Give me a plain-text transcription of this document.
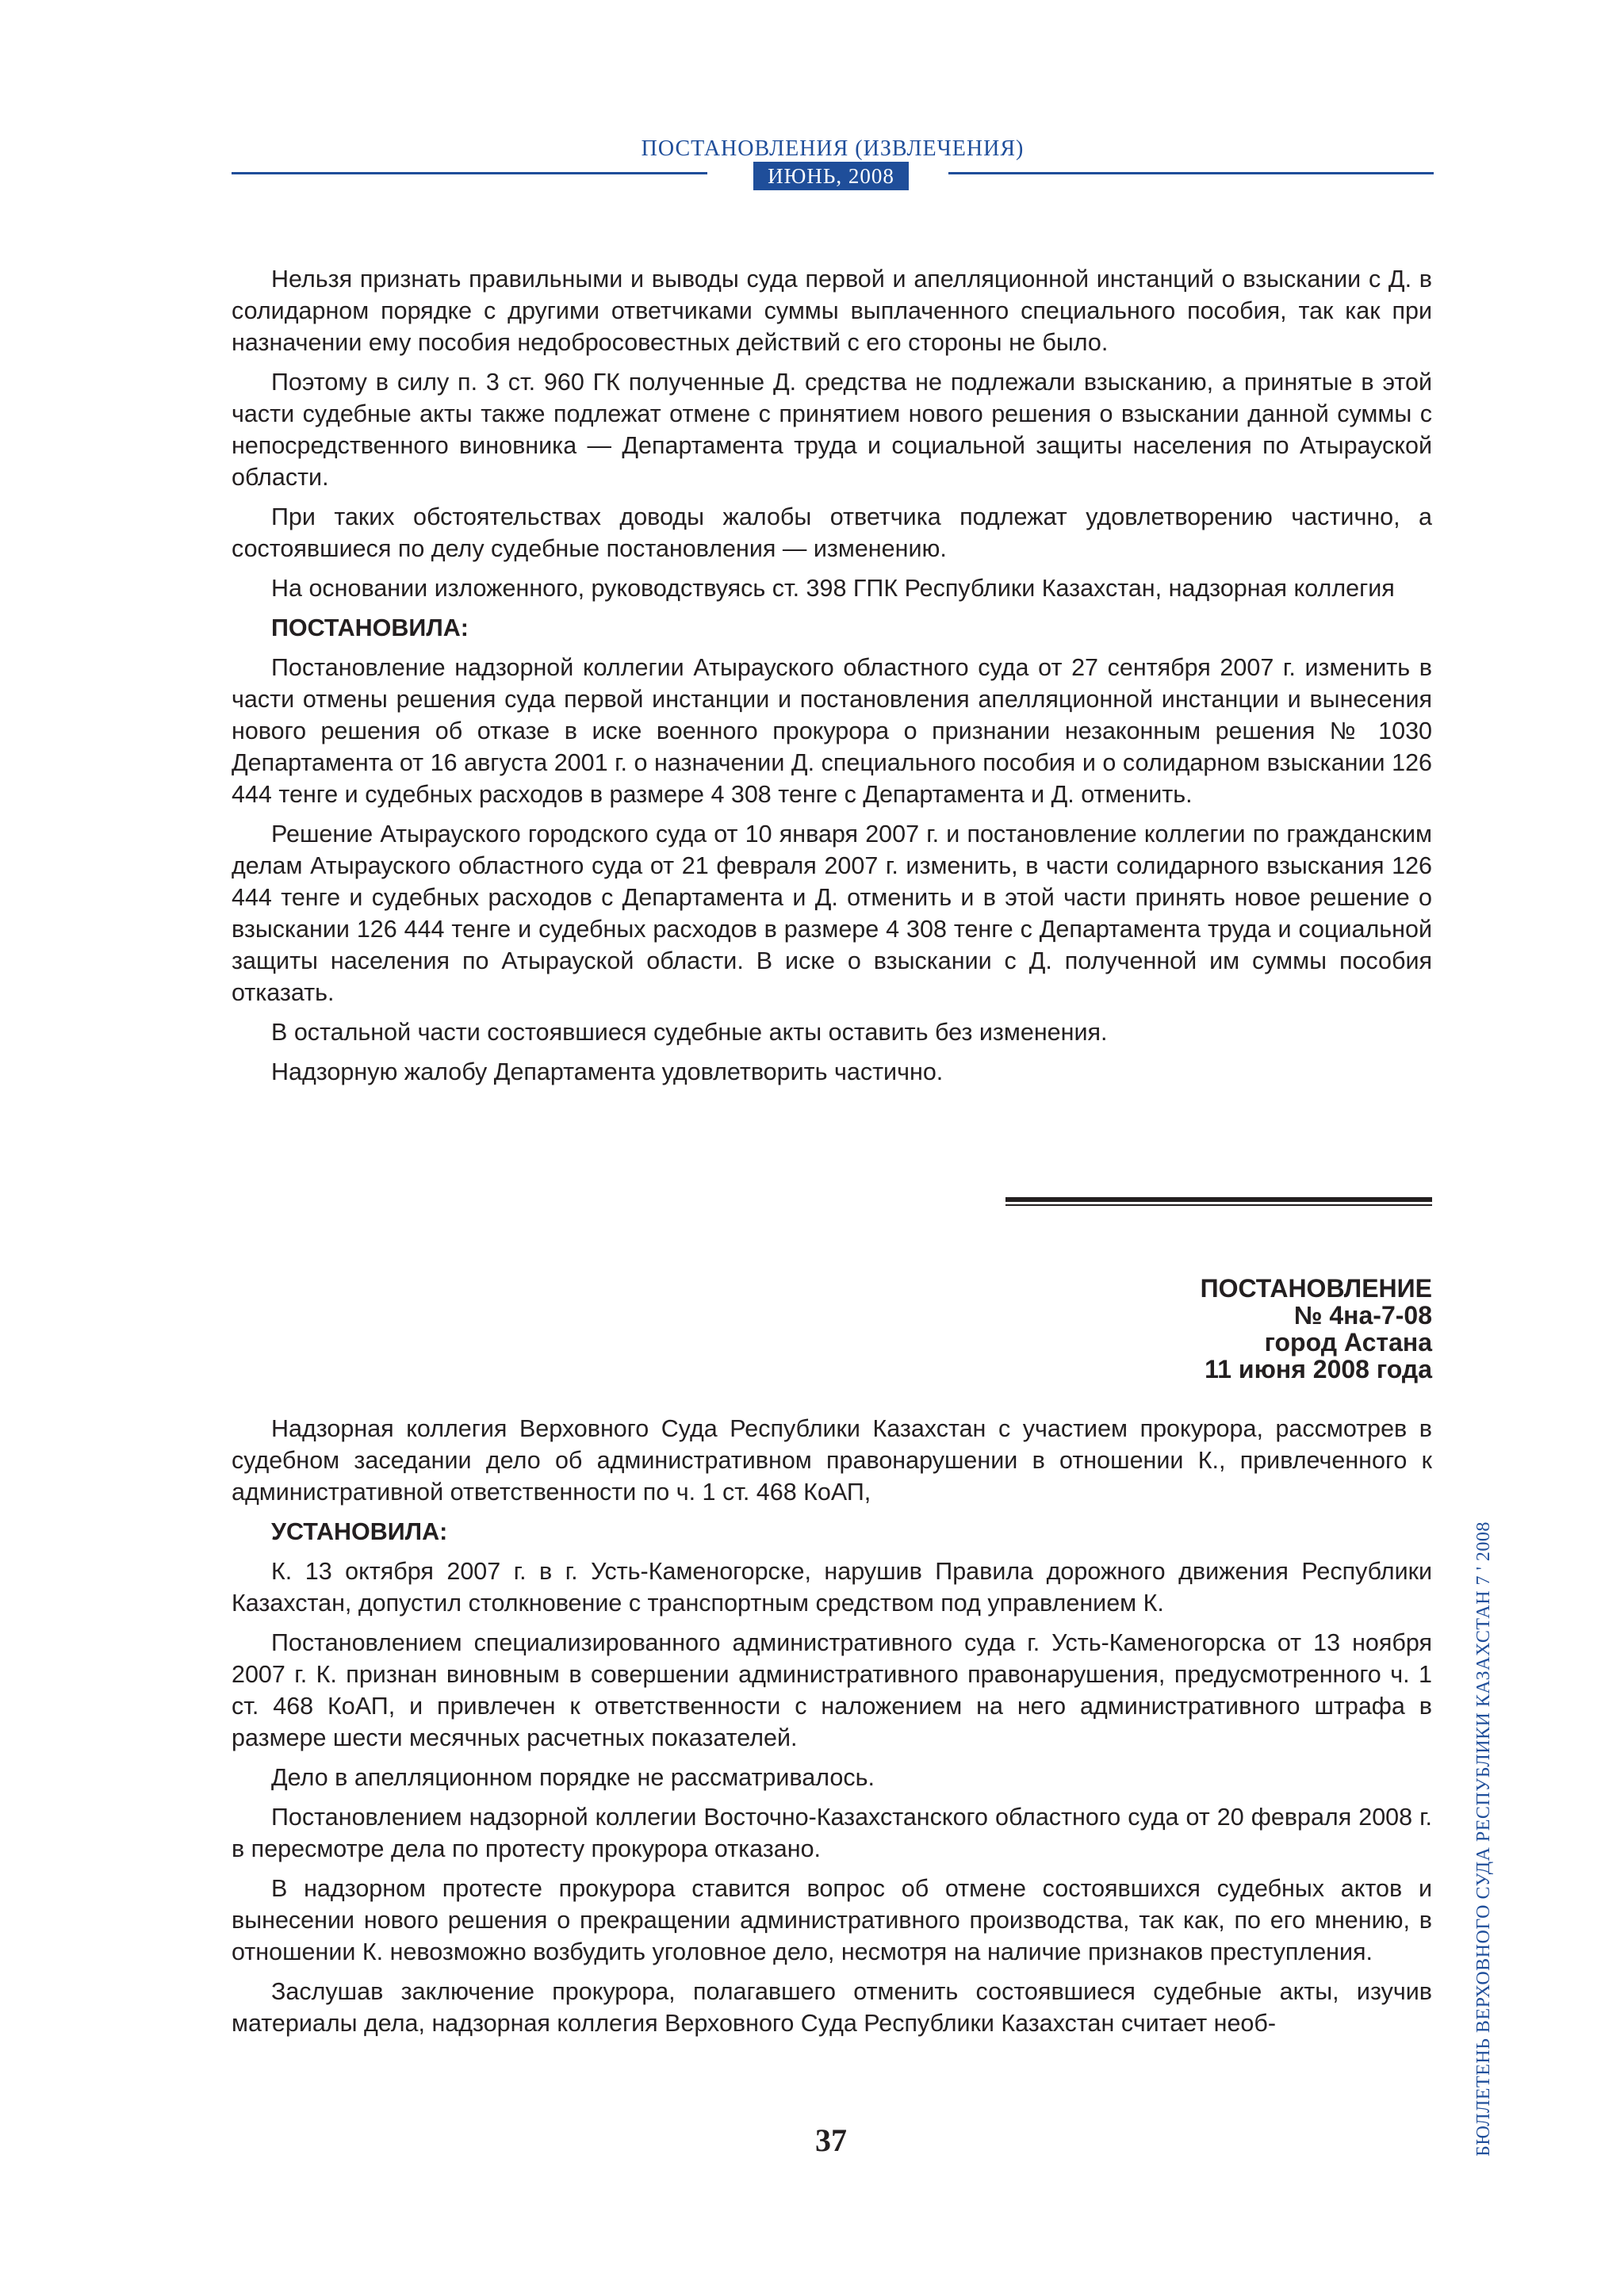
ПОСТАНОВЛЕНИЯ (ИЗВЛЕЧЕНИЯ)
ИЮНЬ, 2008

Нельзя признать правильными и выводы суда первой и апелляционной инстанций о взыскании с Д. в солидарном порядке с другими ответчиками суммы выплаченного специального пособия, так как при назначении ему пособия недобросовестных действий с его стороны не было.

Поэтому в силу п. 3 ст. 960 ГК полученные Д. средства не подлежали взысканию, а принятые в этой части судебные акты также подлежат отмене с принятием нового решения о взыскании данной суммы с непосредственного виновника — Департамента труда и социальной защиты населения по Атырауской области.

При таких обстоятельствах доводы жалобы ответчика подлежат удовлетворению частично, а состоявшиеся по делу судебные постановления — изменению.

На основании изложенного, руководствуясь ст. 398 ГПК Республики Казахстан, надзорная коллегия

ПОСТАНОВИЛА:

Постановление надзорной коллегии Атырауского областного суда от 27 сентября 2007 г. изменить в части отмены решения суда первой инстанции и постановления апелляционной инстанции и вынесения нового решения об отказе в иске военного прокурора о признании незаконным решения № 1030 Департамента от 16 августа 2001 г. о назначении Д. специального пособия и о солидарном взыскании 126 444 тенге и судебных расходов в размере 4 308 тенге с Департамента и Д. отменить.

Решение Атырауского городского суда от 10 января 2007 г. и постановление коллегии по гражданским делам Атырауского областного суда от 21 февраля 2007 г. изменить, в части солидарного взыскания 126 444 тенге и судебных расходов с Департамента и Д. отменить и в этой части принять новое решение о взыскании 126 444 тенге и судебных расходов в размере 4 308 тенге с Департамента труда и социальной защиты населения по Атырауской области. В иске о взыскании с Д. полученной им суммы пособия отказать.

В остальной части состоявшиеся судебные акты оставить без изменения.

Надзорную жалобу Департамента удовлетворить частично.

ПОСТАНОВЛЕНИЕ
№ 4на-7-08
город Астана
11 июня 2008 года

Надзорная коллегия Верховного Суда Республики Казахстан с участием прокурора, рассмотрев в судебном заседании дело об административном правонарушении в отношении К., привлеченного к административной ответственности по ч. 1 ст. 468 КоАП,

УСТАНОВИЛА:

К. 13 октября 2007 г. в г. Усть-Каменогорске, нарушив Правила дорожного движения Республики Казахстан, допустил столкновение с транспортным средством под управлением К.

Постановлением специализированного административного суда г. Усть-Каменогорска от 13 ноября 2007 г. К. признан виновным в совершении административного правонарушения, предусмотренного ч. 1 ст. 468 КоАП, и привлечен к ответственности с наложением на него административного штрафа в размере шести месячных расчетных показателей.

Дело в апелляционном порядке не рассматривалось.

Постановлением надзорной коллегии Восточно-Казахстанского областного суда от 20 февраля 2008 г. в пересмотре дела по протесту прокурора отказано.

В надзорном протесте прокурора ставится вопрос об отмене состоявшихся судебных актов и вынесении нового решения о прекращении административного производства, так как, по его мнению, в отношении К. невозможно возбудить уголовное дело, несмотря на наличие признаков преступления.

Заслушав заключение прокурора, полагавшего отменить состоявшиеся судебные акты, изучив материалы дела, надзорная коллегия Верховного Суда Республики Казахстан считает необ-

37	БЮЛЛЕТЕНЬ ВЕРХОВНОГО СУДА РЕСПУБЛИКИ КАЗАХСТАН 7 ' 2008
